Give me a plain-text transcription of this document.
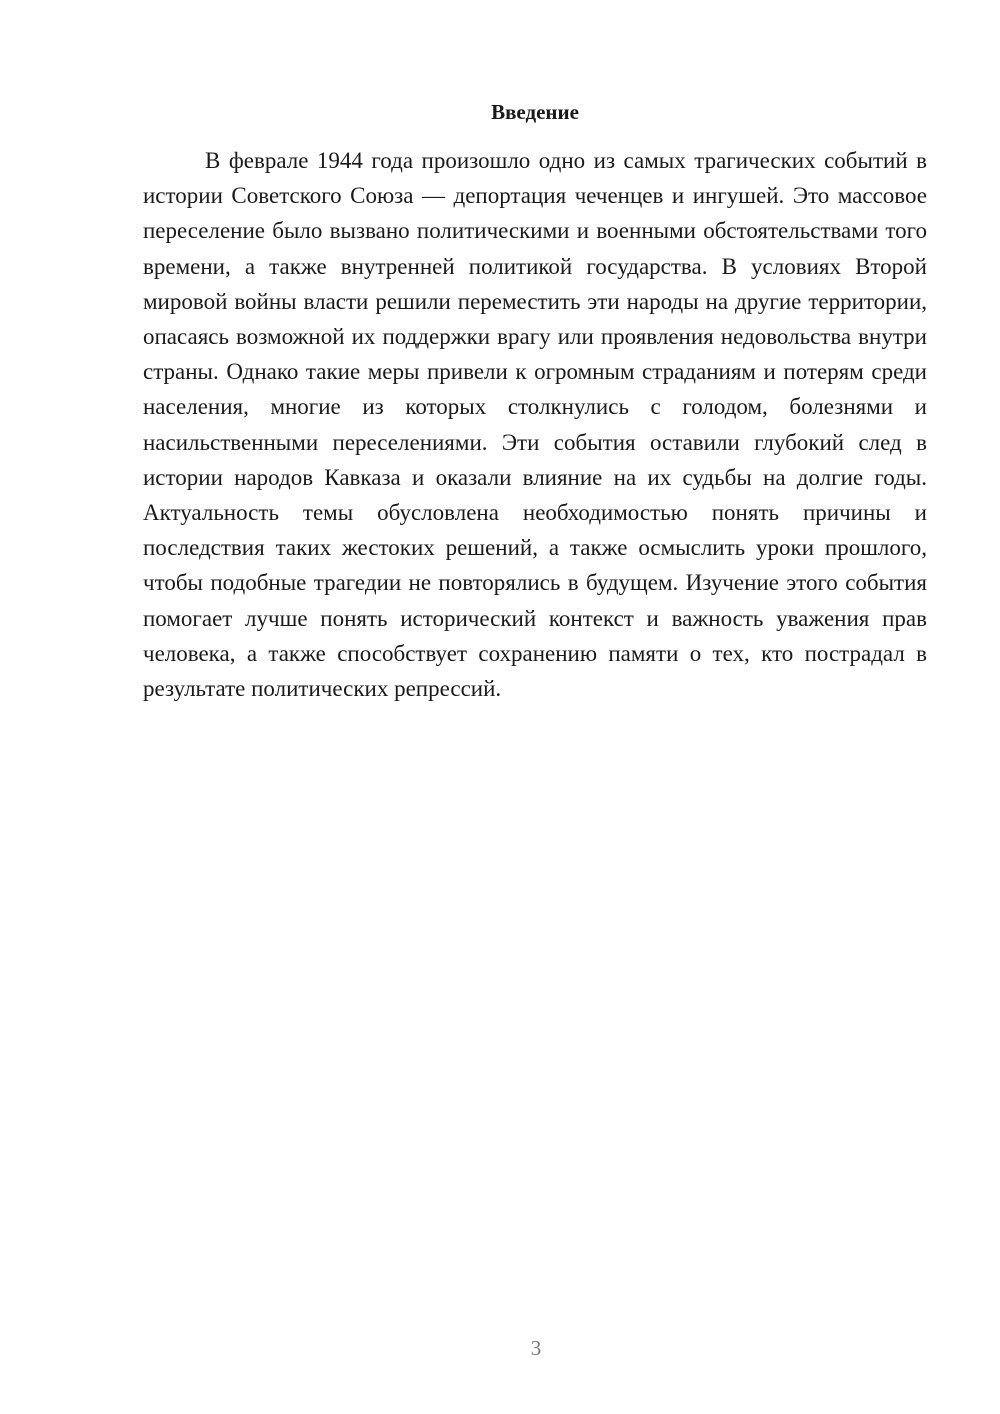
Введение

В феврале 1944 года произошло одно из самых трагических событий в истории Советского Союза — депортация чеченцев и ингушей. Это массовое переселение было вызвано политическими и военными обстоятельствами того времени, а также внутренней политикой государства. В условиях Второй мировой войны власти решили переместить эти народы на другие территории, опасаясь возможной их поддержки врагу или проявления недовольства внутри страны. Однако такие меры привели к огромным страданиям и потерям среди населения, многие из которых столкнулись с голодом, болезнями и насильственными переселениями. Эти события оставили глубокий след в истории народов Кавказа и оказали влияние на их судьбы на долгие годы. Актуальность темы обусловлена необходимостью понять причины и последствия таких жестоких решений, а также осмыслить уроки прошлого, чтобы подобные трагедии не повторялись в будущем. Изучение этого события помогает лучше понять исторический контекст и важность уважения прав человека, а также способствует сохранению памяти о тех, кто пострадал в результате политических репрессий.

3
